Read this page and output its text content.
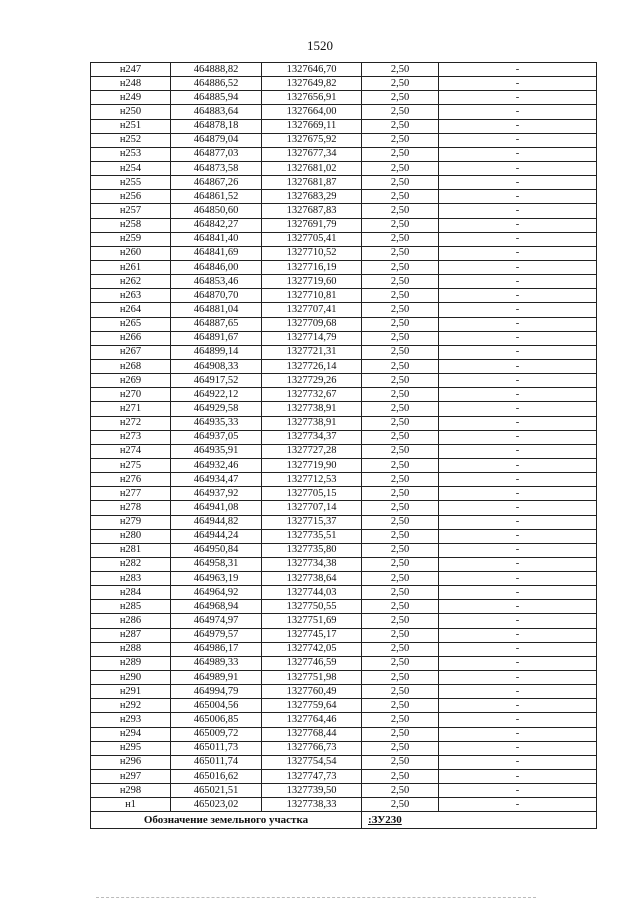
1520
н247	464888,82	1327646,70	2,50	-
н248	464886,52	1327649,82	2,50	-
н249	464885,94	1327656,91	2,50	-
н250	464883,64	1327664,00	2,50	-
н251	464878,18	1327669,11	2,50	-
н252	464879,04	1327675,92	2,50	-
н253	464877,03	1327677,34	2,50	-
н254	464873,58	1327681,02	2,50	-
н255	464867,26	1327681,87	2,50	-
н256	464861,52	1327683,29	2,50	-
н257	464850,60	1327687,83	2,50	-
н258	464842,27	1327691,79	2,50	-
н259	464841,40	1327705,41	2,50	-
н260	464841,69	1327710,52	2,50	-
н261	464846,00	1327716,19	2,50	-
н262	464853,46	1327719,60	2,50	-
н263	464870,70	1327710,81	2,50	-
н264	464881,04	1327707,41	2,50	-
н265	464887,65	1327709,68	2,50	-
н266	464891,67	1327714,79	2,50	-
н267	464899,14	1327721,31	2,50	-
н268	464908,33	1327726,14	2,50	-
н269	464917,52	1327729,26	2,50	-
н270	464922,12	1327732,67	2,50	-
н271	464929,58	1327738,91	2,50	-
н272	464935,33	1327738,91	2,50	-
н273	464937,05	1327734,37	2,50	-
н274	464935,91	1327727,28	2,50	-
н275	464932,46	1327719,90	2,50	-
н276	464934,47	1327712,53	2,50	-
н277	464937,92	1327705,15	2,50	-
н278	464941,08	1327707,14	2,50	-
н279	464944,82	1327715,37	2,50	-
н280	464944,24	1327735,51	2,50	-
н281	464950,84	1327735,80	2,50	-
н282	464958,31	1327734,38	2,50	-
н283	464963,19	1327738,64	2,50	-
н284	464964,92	1327744,03	2,50	-
н285	464968,94	1327750,55	2,50	-
н286	464974,97	1327751,69	2,50	-
н287	464979,57	1327745,17	2,50	-
н288	464986,17	1327742,05	2,50	-
н289	464989,33	1327746,59	2,50	-
н290	464989,91	1327751,98	2,50	-
н291	464994,79	1327760,49	2,50	-
н292	465004,56	1327759,64	2,50	-
н293	465006,85	1327764,46	2,50	-
н294	465009,72	1327768,44	2,50	-
н295	465011,73	1327766,73	2,50	-
н296	465011,74	1327754,54	2,50	-
н297	465016,62	1327747,73	2,50	-
н298	465021,51	1327739,50	2,50	-
н1	465023,02	1327738,33	2,50	-
Обозначение земельного участка			:ЗУ230	
